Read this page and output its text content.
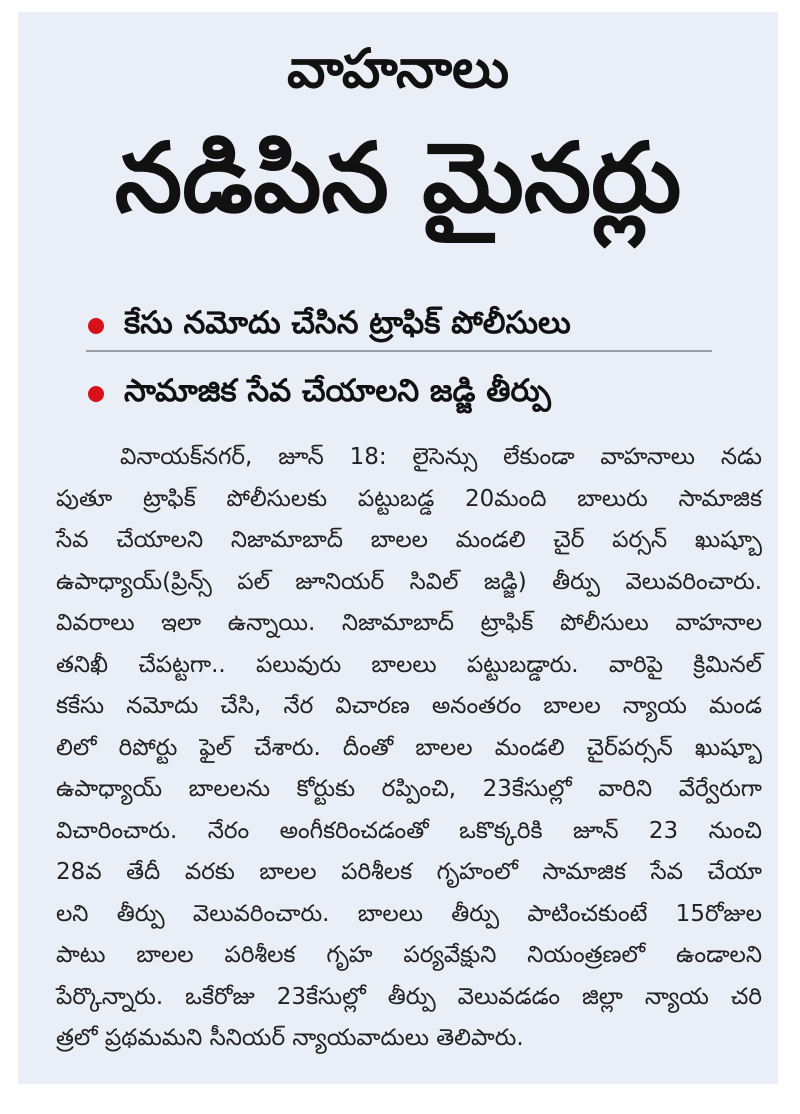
వాహనాలు
నడిపిన మైనర్లు
కేసు నమోదు చేసిన ట్రాఫిక్ పోలీసులు
సామాజిక సేవ చేయాలని జడ్జి తీర్పు
వినాయక్‌నగర్, జూన్ 18: లైసెన్సు లేకుండా వాహనాలు నడు
పుతూ ట్రాఫిక్ పోలీసులకు పట్టుబడ్డ 20మంది బాలురు సామాజిక
సేవ చేయాలని నిజామాబాద్ బాలల మండలి చైర్ పర్సన్ ఖుష్బూ
ఉపాధ్యాయ్(ప్రిన్స్ పల్ జూనియర్ సివిల్ జడ్జి) తీర్పు వెలువరించారు.
వివరాలు ఇలా ఉన్నాయి. నిజామాబాద్ ట్రాఫిక్ పోలీసులు వాహనాల
తనిఖీ చేపట్టగా.. పలువురు బాలలు పట్టుబడ్డారు. వారిపై క్రిమినల్
కకేసు నమోదు చేసి, నేర విచారణ అనంతరం బాలల న్యాయ మండ
లిలో రిపోర్టు ఫైల్ చేశారు. దీంతో బాలల మండలి చైర్‌పర్సన్ ఖుష్బూ
ఉపాధ్యాయ్ బాలలను కోర్టుకు రప్పించి, 23కేసుల్లో వారిని వేర్వేరుగా
విచారించారు. నేరం అంగీకరించడంతో ఒకొక్కరికి జూన్ 23 నుంచి
28వ తేదీ వరకు బాలల పరిశీలక గృహంలో సామాజిక సేవ చేయా
లని తీర్పు వెలువరించారు. బాలలు తీర్పు పాటించకుంటే 15రోజుల
పాటు బాలల పరిశీలక గృహ పర్యవేక్షుని నియంత్రణలో ఉండాలని
పేర్కొన్నారు. ఒకేరోజు 23కేసుల్లో తీర్పు వెలువడడం జిల్లా న్యాయ చరి
త్రలో ప్రథమమని సీనియర్ న్యాయవాదులు తెలిపారు.
